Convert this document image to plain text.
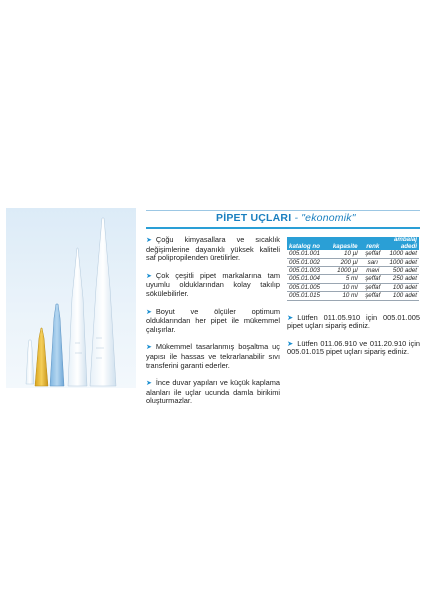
PİPET UÇLARI - "ekonomik"
➤ Çoğu kimyasallara ve sıcaklık değişimlerine dayanıklı yüksek kaliteli saf polipropilenden üretilirler.
➤ Çok çeşitli pipet markalarına tam uyumlu olduklarından kolay takılıp sökülebilirler.
➤ Boyut ve ölçüler optimum olduklarından her pipet ile mükemmel çalışırlar.
➤ Mükemmel tasarlanmış boşaltma uç yapısı ile hassas ve tekrarlanabilir sıvı transferini garanti ederler.
➤ İnce duvar yapıları ve küçük kaplama alanları ile uçlar ucunda damla birikimi oluşturmazlar.
katalog no	kapasite	renk	ambalaj adedi
005.01.001	10 µl	şeffaf	1000 adet
005.01.002	200 µl	sarı	1000 adet
005.01.003	1000 µl	mavi	500 adet
005.01.004	5 ml	şeffaf	250 adet
005.01.005	10 ml	şeffaf	100 adet
005.01.015	10 ml	şeffaf	100 adet
➤ Lütfen 011.05.910 için 005.01.005 pipet uçları sipariş ediniz.
➤ Lütfen 011.06.910 ve 011.20.910 için 005.01.015 pipet uçları sipariş ediniz.
